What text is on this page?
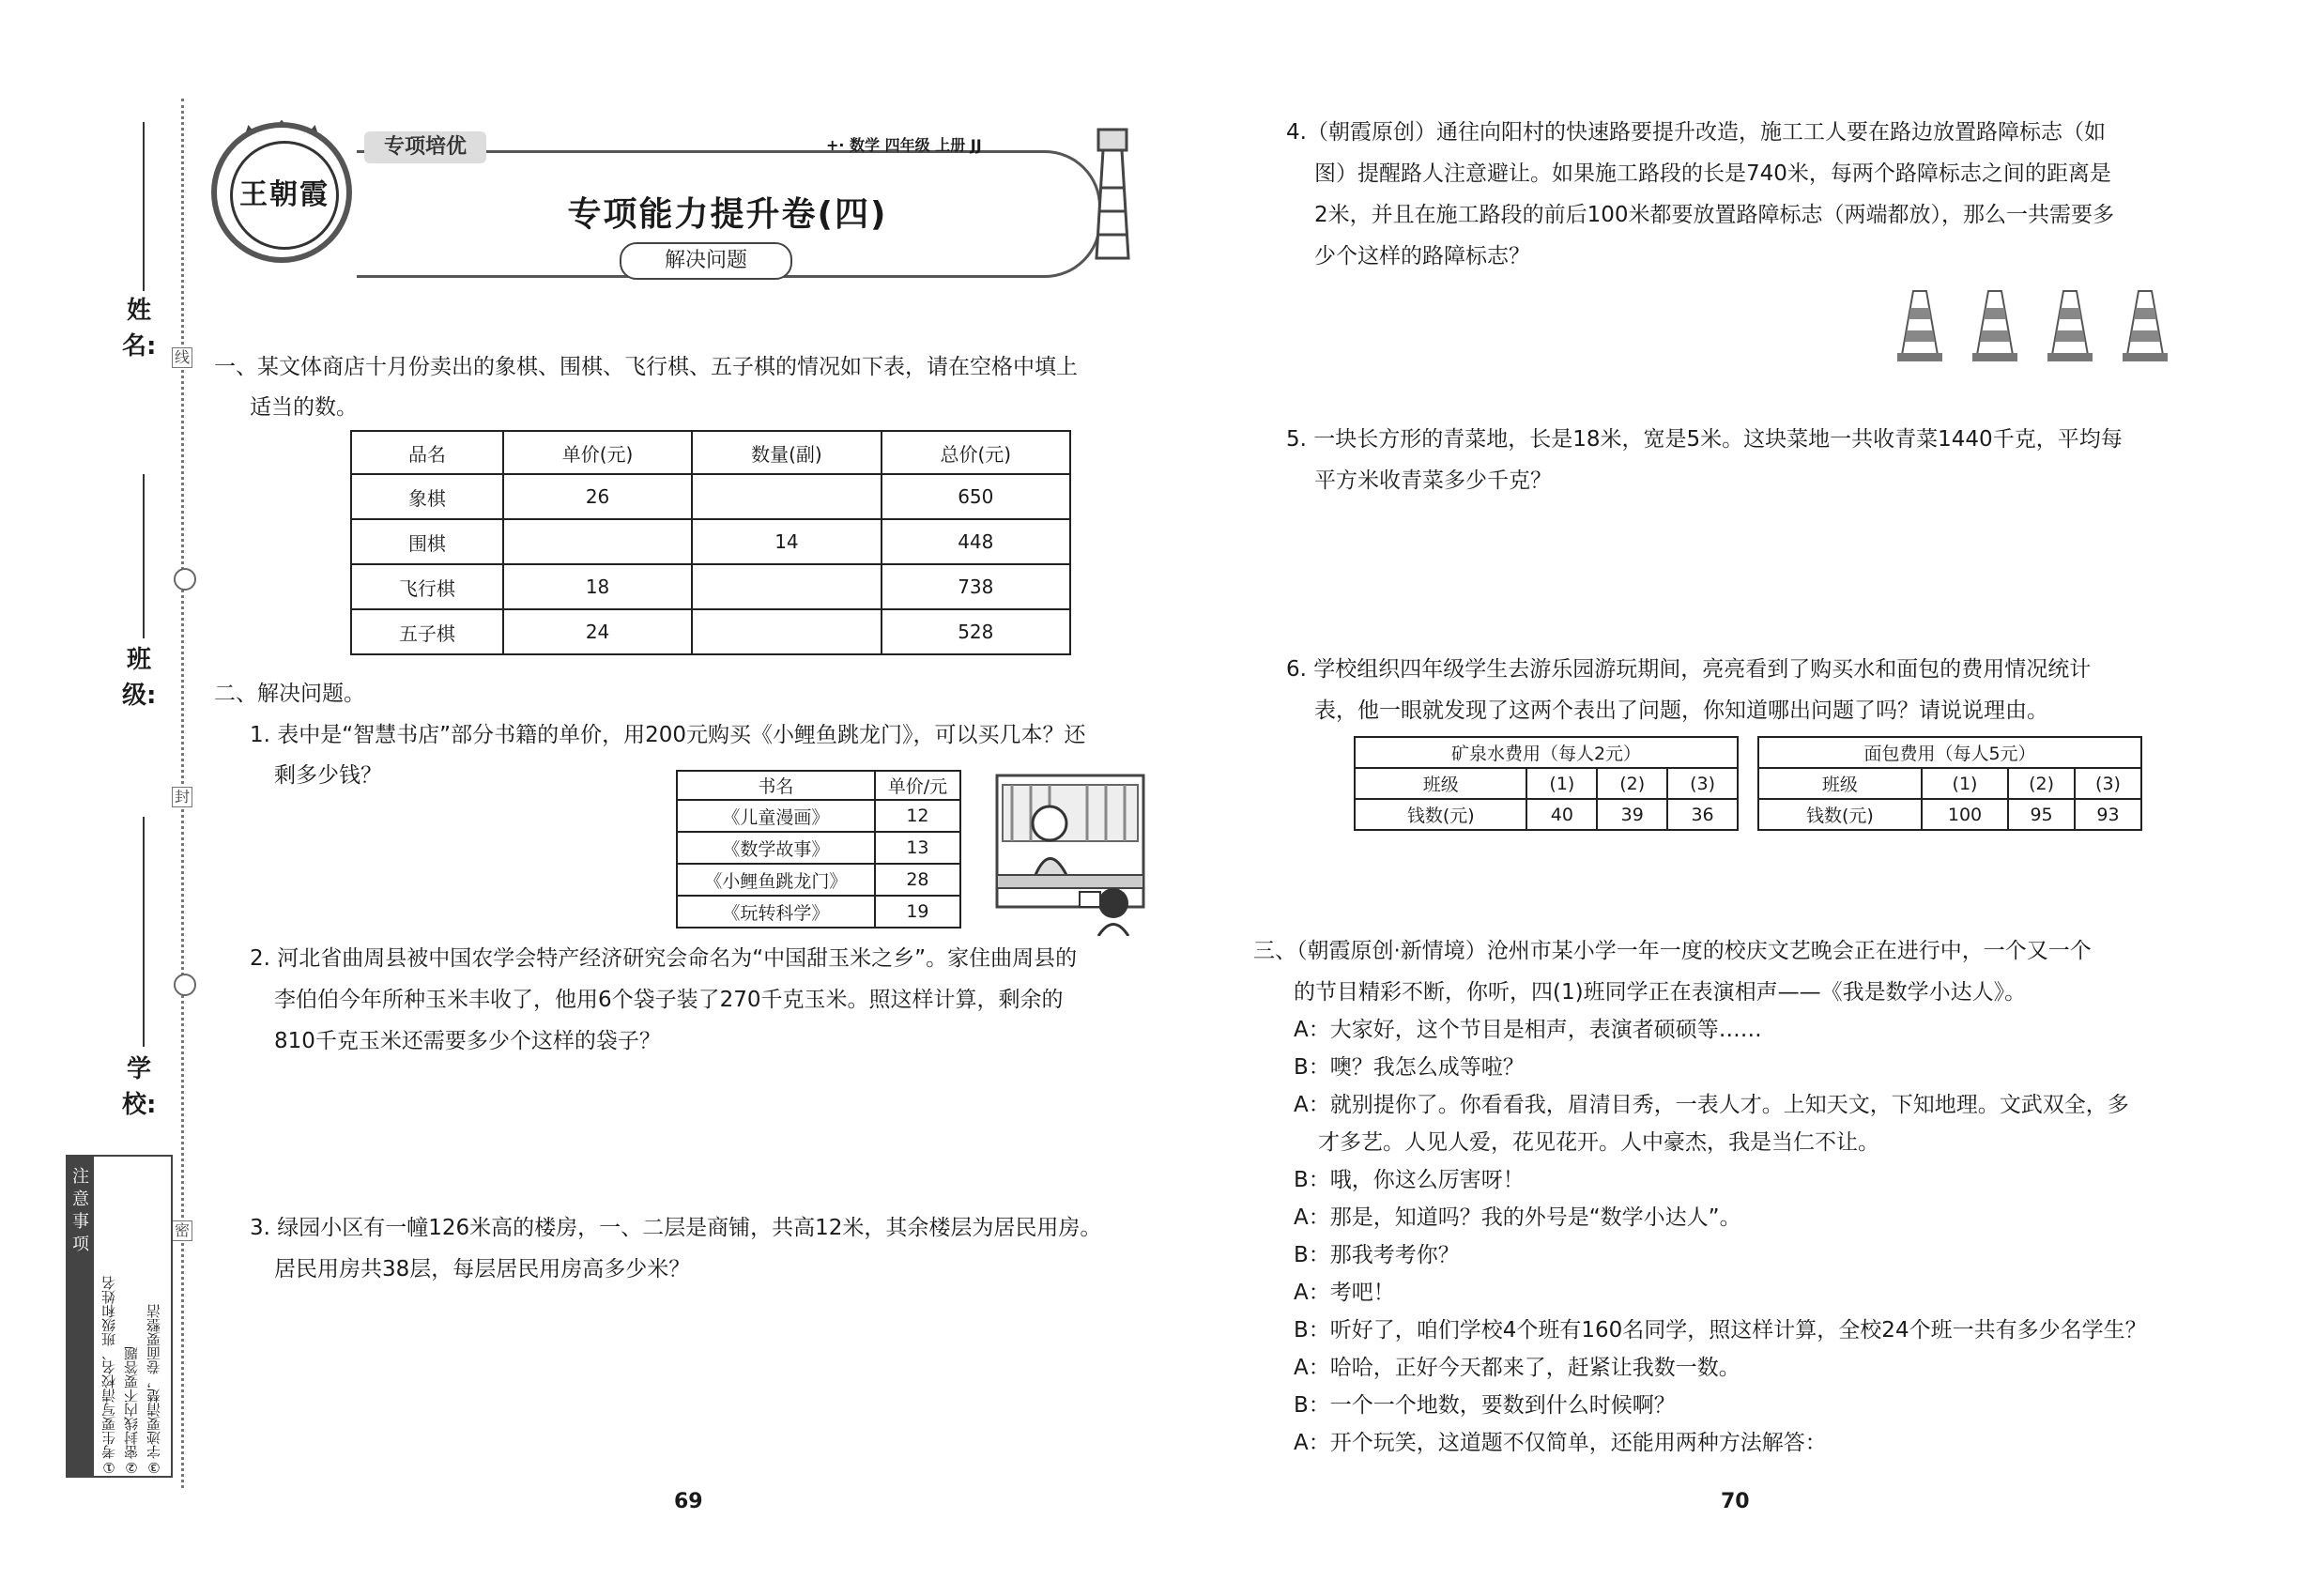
线
封
密
姓 名:
班 级:
学 校:
注意事项
①考生要写清校名、班级和姓名 ②密封线内不要答题 ③字迹要清楚，卷面要整洁
专项培优	+· 数学 四年级 上册 JJ
王朝霞
专项能力提升卷(四)
解决问题
一、某文体商店十月份卖出的象棋、围棋、飞行棋、五子棋的情况如下表，请在空格中填上
适当的数。
品名	单价(元)	数量(副)	总价(元)
象棋	26		650
围棋		14	448
飞行棋	18		738
五子棋	24		528
二、解决问题。
1. 表中是“智慧书店”部分书籍的单价，用200元购买《小鲤鱼跳龙门》，可以买几本？还
剩多少钱？	书名	单价/元
《儿童漫画》	12
《数学故事》	13
《小鲤鱼跳龙门》	28
《玩转科学》	19
2. 河北省曲周县被中国农学会特产经济研究会命名为“中国甜玉米之乡”。家住曲周县的
李伯伯今年所种玉米丰收了，他用6个袋子装了270千克玉米。照这样计算，剩余的
810千克玉米还需要多少个这样的袋子？
3. 绿园小区有一幢126米高的楼房，一、二层是商铺，共高12米，其余楼层为居民用房。
居民用房共38层，每层居民用房高多少米？
69
4.（朝霞原创）通往向阳村的快速路要提升改造，施工工人要在路边放置路障标志（如
图）提醒路人注意避让。如果施工路段的长是740米，每两个路障标志之间的距离是
2米，并且在施工路段的前后100米都要放置路障标志（两端都放），那么一共需要多
少个这样的路障标志？
5. 一块长方形的青菜地，长是18米，宽是5米。这块菜地一共收青菜1440千克，平均每
平方米收青菜多少千克？
6. 学校组织四年级学生去游乐园游玩期间，亮亮看到了购买水和面包的费用情况统计
表，他一眼就发现了这两个表出了问题，你知道哪出问题了吗？请说说理由。
矿泉水费用（每人2元）			
班级	(1)	(2)	(3)
钱数(元)	40	39	36
面包费用（每人5元）			
班级	(1)	(2)	(3)
钱数(元)	100	95	93
三、（朝霞原创·新情境）沧州市某小学一年一度的校庆文艺晚会正在进行中，一个又一个
的节目精彩不断，你听，四(1)班同学正在表演相声——《我是数学小达人》。
A：大家好，这个节目是相声，表演者硕硕等……
B：噢？我怎么成等啦？
A：就别提你了。你看看我，眉清目秀，一表人才。上知天文，下知地理。文武双全，多
才多艺。人见人爱，花见花开。人中豪杰，我是当仁不让。
B：哦，你这么厉害呀！
A：那是，知道吗？我的外号是“数学小达人”。
B：那我考考你？
A：考吧！
B：听好了，咱们学校4个班有160名同学，照这样计算，全校24个班一共有多少名学生？
A：哈哈，正好今天都来了，赶紧让我数一数。
B：一个一个地数，要数到什么时候啊？
A：开个玩笑，这道题不仅简单，还能用两种方法解答：
70
